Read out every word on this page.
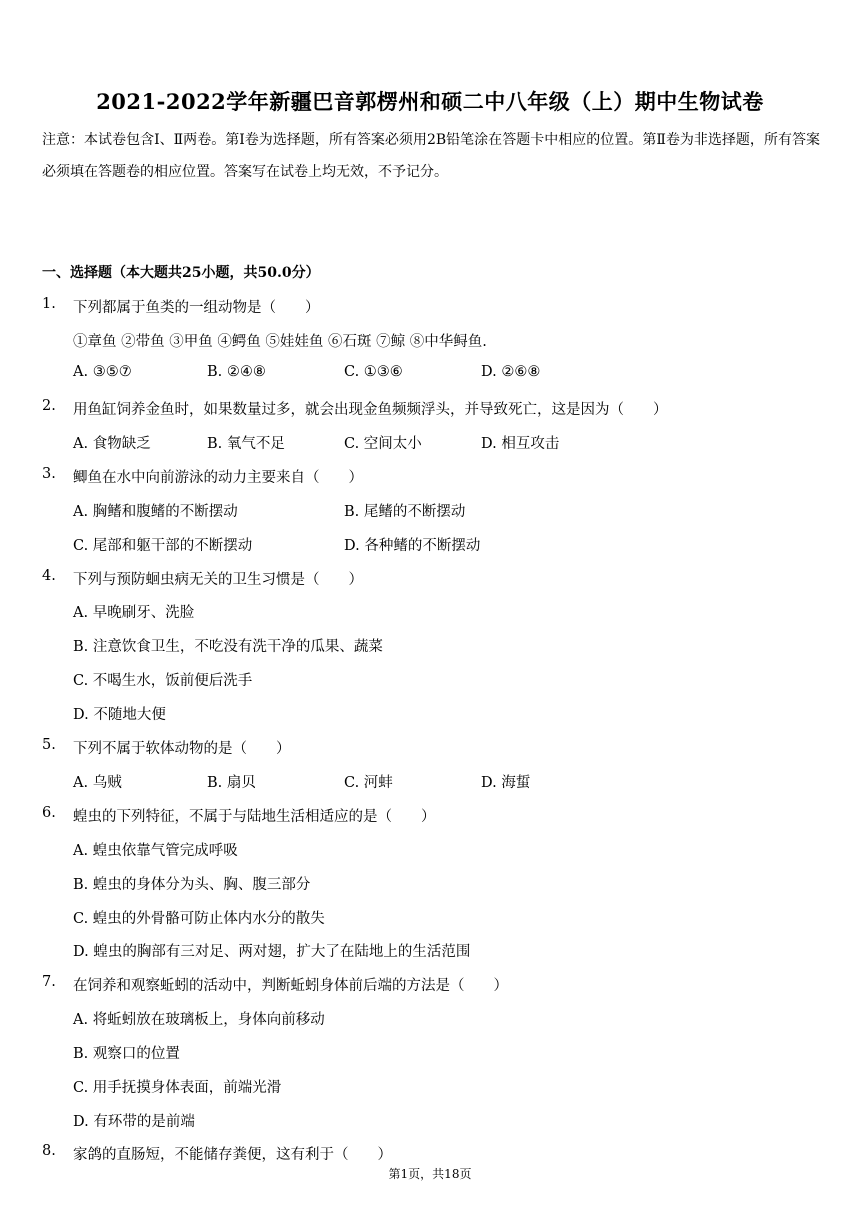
2021-2022学年新疆巴音郭楞州和硕二中八年级（上）期中生物试卷
注意：本试卷包含Ⅰ、Ⅱ两卷。第Ⅰ卷为选择题，所有答案必须用2B铅笔涂在答题卡中相应的位置。第Ⅱ卷为非选择题，所有答案必须填在答题卷的相应位置。答案写在试卷上均无效，不予记分。
一、选择题（本大题共25小题，共50.0分）
1. 下列都属于鱼类的一组动物是（　　）
①章鱼 ②带鱼 ③甲鱼 ④鳄鱼 ⑤娃娃鱼 ⑥石斑 ⑦鲸 ⑧中华鲟鱼.
A. ③⑤⑦	B. ②④⑧	C. ①③⑥	D. ②⑥⑧
2. 用鱼缸饲养金鱼时，如果数量过多，就会出现金鱼频频浮头，并导致死亡，这是因为（　　）
A. 食物缺乏	B. 氧气不足	C. 空间太小	D. 相互攻击
3. 鲫鱼在水中向前游泳的动力主要来自（　　）
A. 胸鳍和腹鳍的不断摆动	B. 尾鳍的不断摆动
C. 尾部和躯干部的不断摆动	D. 各种鳍的不断摆动
4. 下列与预防蛔虫病无关的卫生习惯是（　　）
A. 早晚刷牙、洗脸
B. 注意饮食卫生，不吃没有洗干净的瓜果、蔬菜
C. 不喝生水，饭前便后洗手
D. 不随地大便
5. 下列不属于软体动物的是（　　）
A. 乌贼	B. 扇贝	C. 河蚌	D. 海蜇
6. 蝗虫的下列特征，不属于与陆地生活相适应的是（　　）
A. 蝗虫依靠气管完成呼吸
B. 蝗虫的身体分为头、胸、腹三部分
C. 蝗虫的外骨骼可防止体内水分的散失
D. 蝗虫的胸部有三对足、两对翅，扩大了在陆地上的生活范围
7. 在饲养和观察蚯蚓的活动中，判断蚯蚓身体前后端的方法是（　　）
A. 将蚯蚓放在玻璃板上，身体向前移动
B. 观察口的位置
C. 用手抚摸身体表面，前端光滑
D. 有环带的是前端
8. 家鸽的直肠短，不能储存粪便，这有利于（　　）
第1页，共18页
